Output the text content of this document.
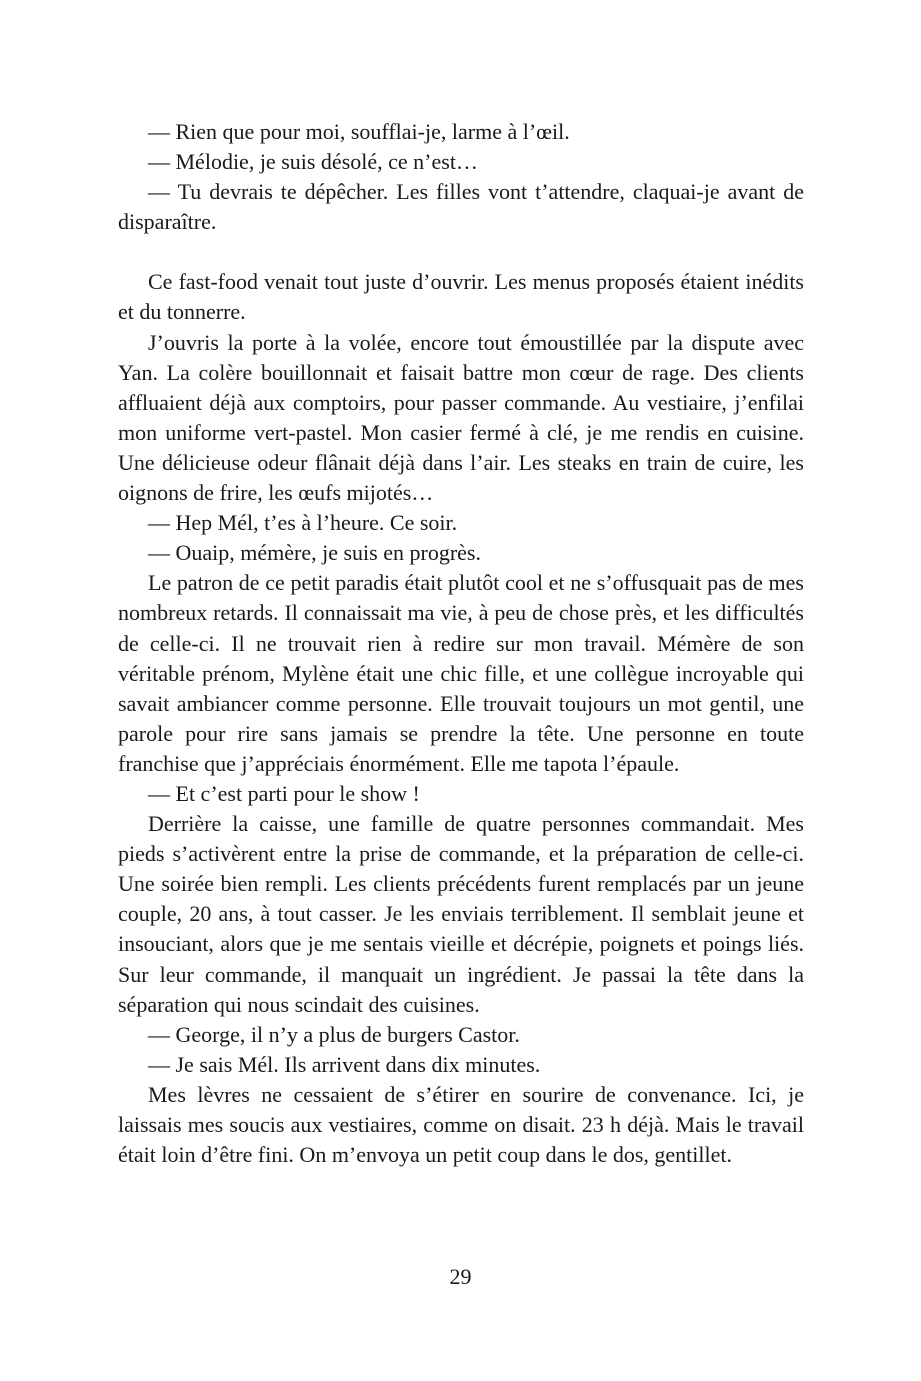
— Rien que pour moi, soufflai-je, larme à l’œil.

— Mélodie, je suis désolé, ce n’est…

— Tu devrais te dépêcher. Les filles vont t’attendre, claquai-je avant de disparaître.

Ce fast-food venait tout juste d’ouvrir. Les menus proposés étaient inédits et du tonnerre.

J’ouvris la porte à la volée, encore tout émoustillée par la dispute avec Yan. La colère bouillonnait et faisait battre mon cœur de rage. Des clients affluaient déjà aux comptoirs, pour passer commande. Au vestiaire, j’enfilai mon uniforme vert-pastel. Mon casier fermé à clé, je me rendis en cuisine. Une délicieuse odeur flânait déjà dans l’air. Les steaks en train de cuire, les oignons de frire, les œufs mijotés…

— Hep Mél, t’es à l’heure. Ce soir.

— Ouaip, mémère, je suis en progrès.

Le patron de ce petit paradis était plutôt cool et ne s’offusquait pas de mes nombreux retards. Il connaissait ma vie, à peu de chose près, et les difficultés de celle-ci. Il ne trouvait rien à redire sur mon travail. Mémère de son véritable prénom, Mylène était une chic fille, et une collègue incroyable qui savait ambiancer comme personne. Elle trouvait toujours un mot gentil, une parole pour rire sans jamais se prendre la tête. Une personne en toute franchise que j’appréciais énormément. Elle me tapota l’épaule.

— Et c’est parti pour le show !

Derrière la caisse, une famille de quatre personnes commandait. Mes pieds s’activèrent entre la prise de commande, et la préparation de celle-ci. Une soirée bien rempli. Les clients précédents furent remplacés par un jeune couple, 20 ans, à tout casser. Je les enviais terriblement. Il semblait jeune et insouciant, alors que je me sentais vieille et décrépie, poignets et poings liés. Sur leur commande, il manquait un ingrédient. Je passai la tête dans la séparation qui nous scindait des cuisines.

— George, il n’y a plus de burgers Castor.

— Je sais Mél. Ils arrivent dans dix minutes.

Mes lèvres ne cessaient de s’étirer en sourire de convenance. Ici, je laissais mes soucis aux vestiaires, comme on disait. 23 h déjà. Mais le travail était loin d’être fini. On m’envoya un petit coup dans le dos, gentillet.

29
